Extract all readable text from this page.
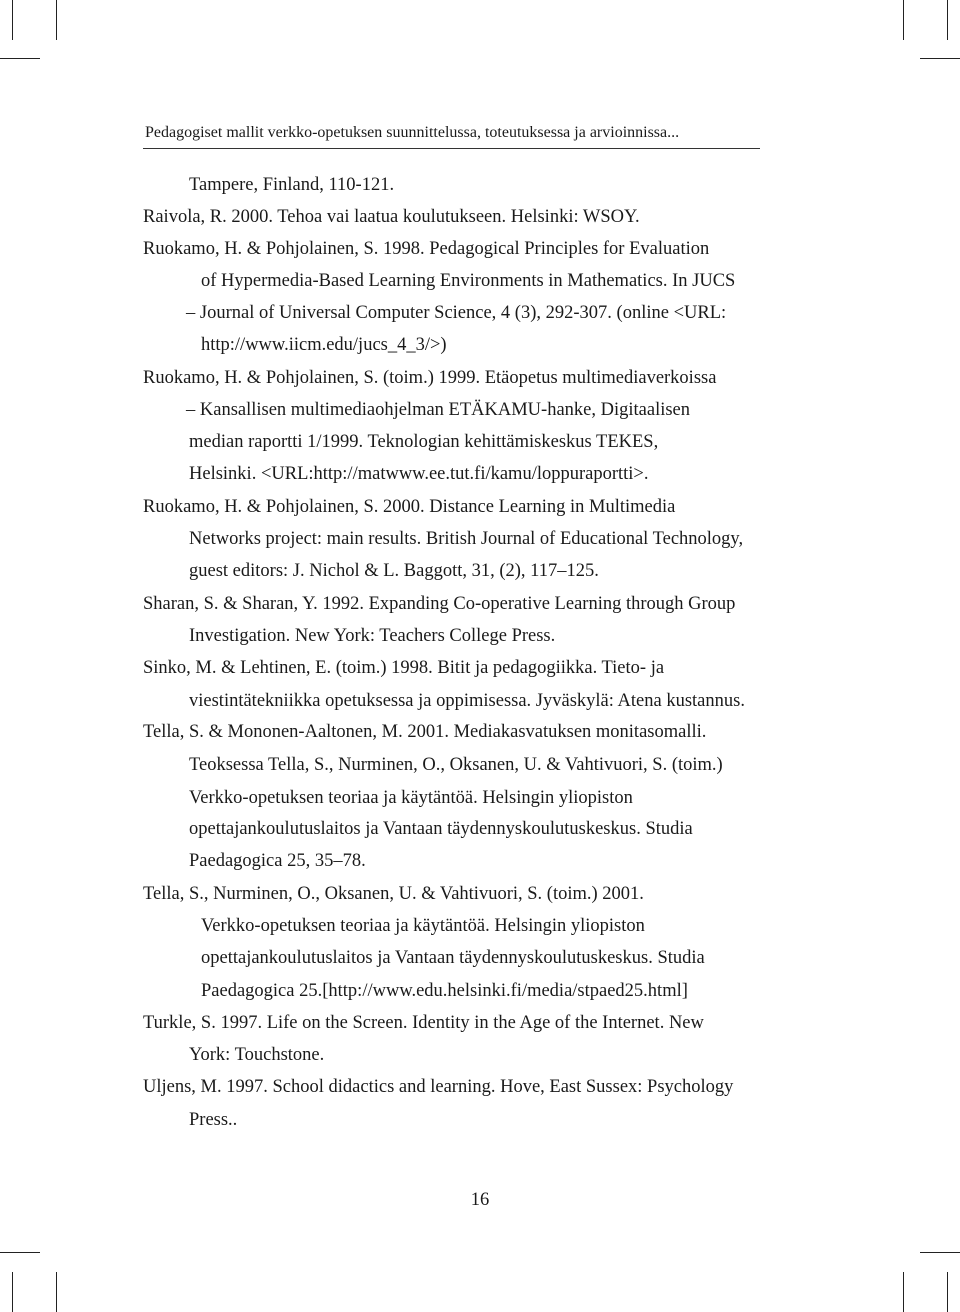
Pedagogiset mallit verkko-opetuksen suunnittelussa, toteutuksessa ja arvioinnissa...
Tampere, Finland, 110-121.
Raivola, R. 2000. Tehoa vai laatua koulutukseen. Helsinki: WSOY.
Ruokamo, H. & Pohjolainen, S. 1998. Pedagogical Principles for Evaluation
of Hypermedia-Based Learning Environments in Mathematics. In JUCS
– Journal of Universal Computer Science, 4 (3), 292-307. (online <URL:
http://www.iicm.edu/jucs_4_3/>)
Ruokamo, H. & Pohjolainen, S. (toim.) 1999. Etäopetus multimediaverkoissa
– Kansallisen multimediaohjelman ETÄKAMU-hanke, Digitaalisen
median raportti 1/1999. Teknologian kehittämiskeskus TEKES,
Helsinki. <URL:http://matwww.ee.tut.fi/kamu/loppuraportti>.
Ruokamo, H. & Pohjolainen, S. 2000. Distance Learning in Multimedia
Networks project: main results. British Journal of Educational Technology,
guest editors: J. Nichol & L. Baggott, 31, (2), 117–125.
Sharan, S. & Sharan, Y. 1992. Expanding Co-operative Learning through Group
Investigation. New York: Teachers College Press.
Sinko, M. & Lehtinen, E. (toim.) 1998. Bitit ja pedagogiikka. Tieto- ja
viestintätekniikka opetuksessa ja oppimisessa. Jyväskylä: Atena kustannus.
Tella, S. & Mononen-Aaltonen, M. 2001. Mediakasvatuksen monitasomalli.
Teoksessa Tella, S., Nurminen, O., Oksanen, U. & Vahtivuori, S. (toim.)
Verkko-opetuksen teoriaa ja käytäntöä. Helsingin yliopiston
opettajankoulutuslaitos ja Vantaan täydennyskoulutuskeskus. Studia
Paedagogica 25, 35–78.
Tella, S., Nurminen, O., Oksanen, U. & Vahtivuori, S. (toim.) 2001.
Verkko-opetuksen teoriaa ja käytäntöä. Helsingin yliopiston
opettajankoulutuslaitos ja Vantaan täydennyskoulutuskeskus. Studia
Paedagogica 25.[http://www.edu.helsinki.fi/media/stpaed25.html]
Turkle, S. 1997. Life on the Screen. Identity in the Age of the Internet. New
York: Touchstone.
Uljens, M. 1997. School didactics and learning. Hove, East Sussex: Psychology
Press..
16
